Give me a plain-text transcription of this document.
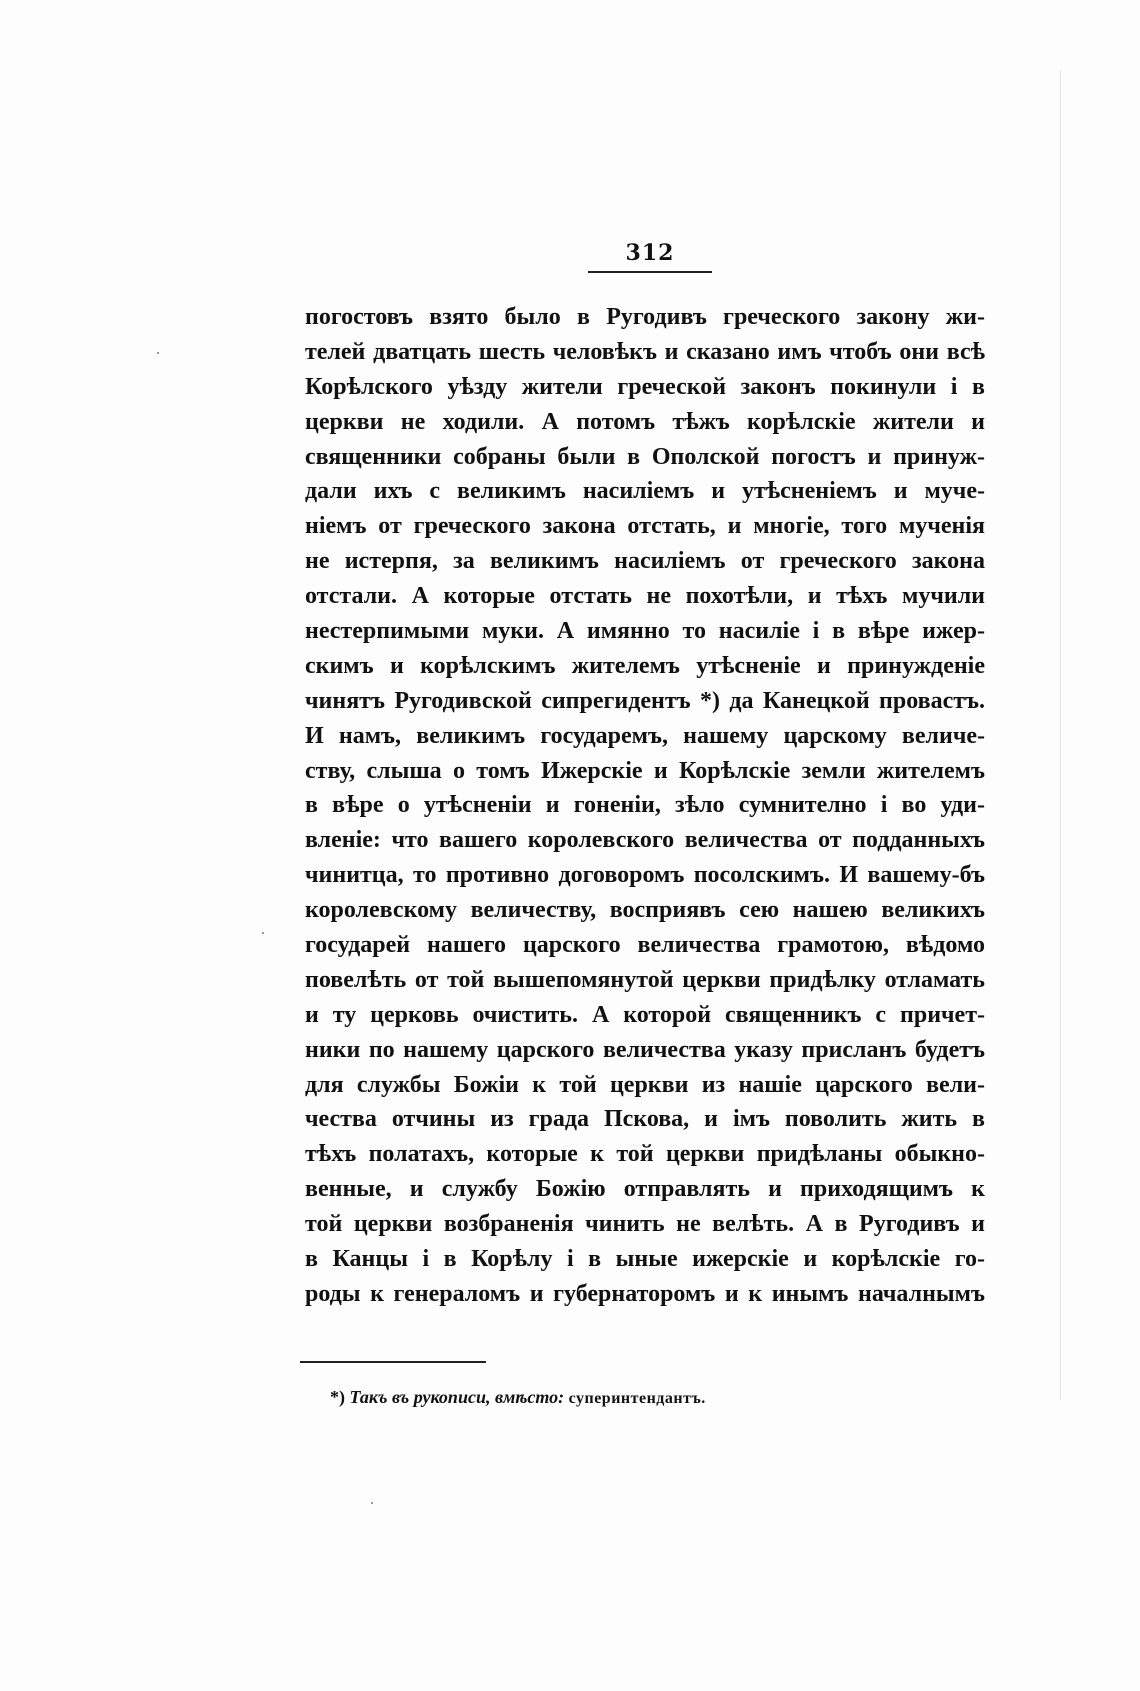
312
погостовъ взято было в Ругодивъ греческого закону жи-
телей дватцать шесть человѣкъ и сказано имъ чтобъ они всѣ
Корѣлского уѣзду жители греческой законъ покинули і в
церкви не ходили. А потомъ тѣжъ корѣлскіе жители и
священники собраны были в Ополской погостъ и принуж-
дали ихъ с великимъ насиліемъ и утѣсненіемъ и муче-
ніемъ от греческого закона отстать, и многіе, того мученія
не истерпя, за великимъ насиліемъ от греческого закона
отстали. А которые отстать не похотѣли, и тѣхъ мучили
нестерпимыми муки. А имянно то насиліе і в вѣре ижер-
скимъ и корѣлскимъ жителемъ утѣсненіе и принужденіе
чинятъ Ругодивской сипрегидентъ *) да Канецкой провастъ.
И намъ, великимъ государемъ, нашему царскому величе-
ству, слыша о томъ Ижерскіе и Корѣлскіе земли жителемъ
в вѣре о утѣсненіи и гоненіи, зѣло сумнително і во уди-
вленіе: что вашего королевского величества от подданныхъ
чинитца, то противно договоромъ посолскимъ. И вашему-бъ
королевскому величеству, восприявъ сею нашею великихъ
государей нашего царского величества грамотою, вѣдомо
повелѣть от той вышепомянутой церкви придѣлку отламать
и ту церковь очистить. А которой священникъ с причет-
ники по нашему царского величества указу присланъ будетъ
для службы Божіи к той церкви из нашіе царского вели-
чества отчины из града Пскова, и імъ поволить жить в
тѣхъ полатахъ, которые к той церкви придѣланы обыкно-
венные, и службу Божію отправлять и приходящимъ к
той церкви возбраненія чинить не велѣть. А в Ругодивъ и
в Канцы і в Корѣлу і в ыные ижерскіе и корѣлскіе го-
роды к генераломъ и губернаторомъ и к инымъ началнымъ
*) Такъ въ рукописи, вмѣсто: суперинтендантъ.
